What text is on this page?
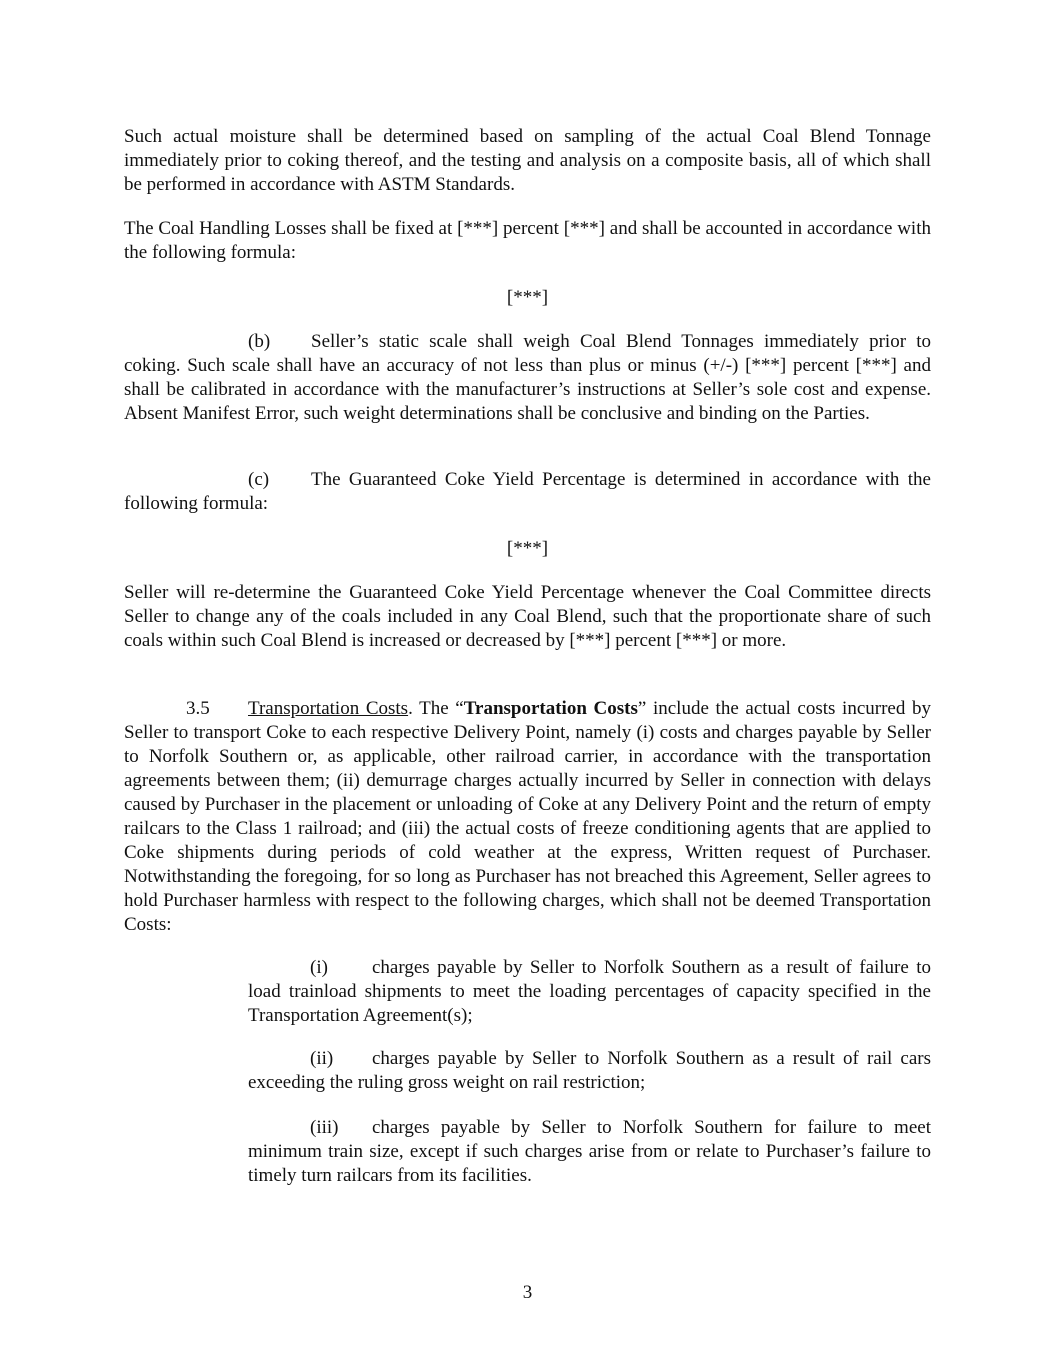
Such actual moisture shall be determined based on sampling of the actual Coal Blend Tonnage immediately prior to coking thereof, and the testing and analysis on a composite basis, all of which shall be performed in accordance with ASTM Standards.

The Coal Handling Losses shall be fixed at [***] percent [***] and shall be accounted in accordance with the following formula:

[***]

(b) Seller’s static scale shall weigh Coal Blend Tonnages immediately prior to coking. Such scale shall have an accuracy of not less than plus or minus (+/-) [***] percent [***] and shall be calibrated in accordance with the manufacturer’s instructions at Seller’s sole cost and expense. Absent Manifest Error, such weight determinations shall be conclusive and binding on the Parties.

(c) The Guaranteed Coke Yield Percentage is determined in accordance with the following formula:

[***]

Seller will re-determine the Guaranteed Coke Yield Percentage whenever the Coal Committee directs Seller to change any of the coals included in any Coal Blend, such that the proportionate share of such coals within such Coal Blend is increased or decreased by [***] percent [***] or more.

3.5 Transportation Costs. The “Transportation Costs” include the actual costs incurred by Seller to transport Coke to each respective Delivery Point, namely (i) costs and charges payable by Seller to Norfolk Southern or, as applicable, other railroad carrier, in accordance with the transportation agreements between them; (ii) demurrage charges actually incurred by Seller in connection with delays caused by Purchaser in the placement or unloading of Coke at any Delivery Point and the return of empty railcars to the Class 1 railroad; and (iii) the actual costs of freeze conditioning agents that are applied to Coke shipments during periods of cold weather at the express, Written request of Purchaser. Notwithstanding the foregoing, for so long as Purchaser has not breached this Agreement, Seller agrees to hold Purchaser harmless with respect to the following charges, which shall not be deemed Transportation Costs:

(i) charges payable by Seller to Norfolk Southern as a result of failure to load trainload shipments to meet the loading percentages of capacity specified in the Transportation Agreement(s);

(ii) charges payable by Seller to Norfolk Southern as a result of rail cars exceeding the ruling gross weight on rail restriction;

(iii) charges payable by Seller to Norfolk Southern for failure to meet minimum train size, except if such charges arise from or relate to Purchaser’s failure to timely turn railcars from its facilities.

3
